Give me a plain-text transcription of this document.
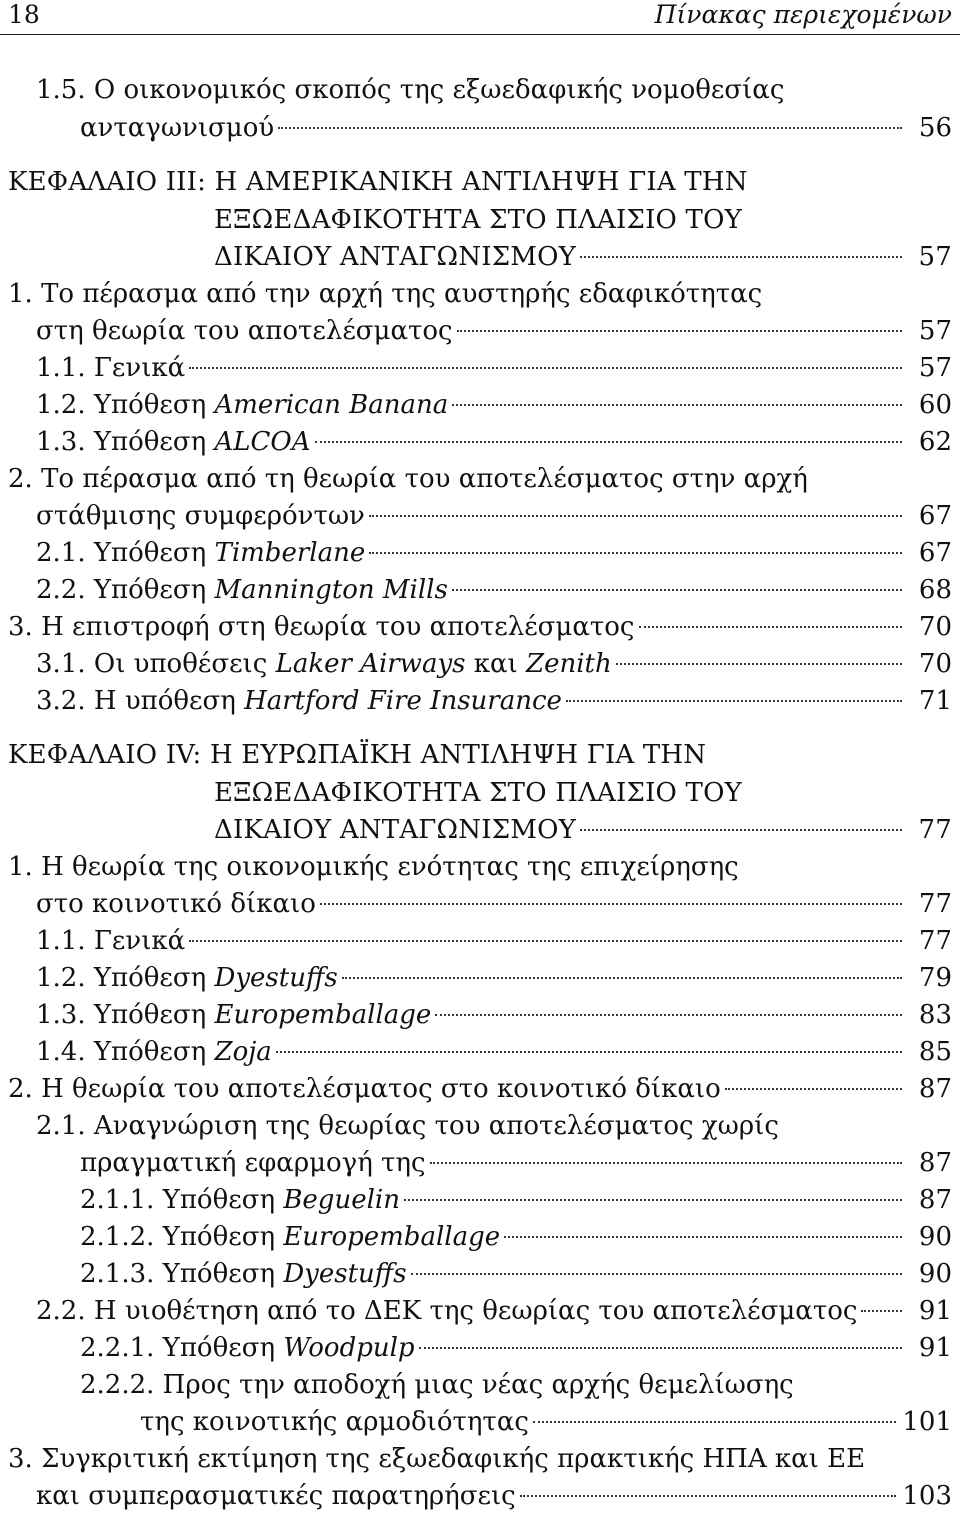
18	Πίνακας περιεχομένων
1.5. Ο οικονομικός σκοπός της εξωεδαφικής νομοθεσίας
ανταγωνισμού	56
ΚΕΦΑΛΑΙΟ ΙΙΙ: Η ΑΜΕΡΙΚΑΝΙΚΗ ΑΝΤΙΛΗΨΗ ΓΙΑ ΤΗΝ
ΕΞΩΕΔΑΦΙΚΟΤΗΤΑ ΣΤΟ ΠΛΑΙΣΙΟ ΤΟΥ
ΔΙΚΑΙΟΥ ΑΝΤΑΓΩΝΙΣΜΟΥ	57
1. Το πέρασμα από την αρχή της αυστηρής εδαφικότητας
στη θεωρία του αποτελέσματος	57
1.1. Γενικά	57
1.2. Υπόθεση American Banana	60
1.3. Υπόθεση ALCOA	62
2. Το πέρασμα από τη θεωρία του αποτελέσματος στην αρχή
στάθμισης συμφερόντων	67
2.1. Υπόθεση Timberlane	67
2.2. Υπόθεση Mannington Mills	68
3. Η επιστροφή στη θεωρία του αποτελέσματος	70
3.1. Οι υποθέσεις Laker Airways και Zenith	70
3.2. Η υπόθεση Hartford Fire Insurance	71
ΚΕΦΑΛΑΙΟ IV: Η ΕΥΡΩΠΑΪΚΗ ΑΝΤΙΛΗΨΗ ΓΙΑ ΤΗΝ
ΕΞΩΕΔΑΦΙΚΟΤΗΤΑ ΣΤΟ ΠΛΑΙΣΙΟ ΤΟΥ
ΔΙΚΑΙΟΥ ΑΝΤΑΓΩΝΙΣΜΟΥ	77
1. Η θεωρία της οικονομικής ενότητας της επιχείρησης
στο κοινοτικό δίκαιο	77
1.1. Γενικά	77
1.2. Υπόθεση Dyestuffs	79
1.3. Υπόθεση Europemballage	83
1.4. Υπόθεση Zoja	85
2. Η θεωρία του αποτελέσματος στο κοινοτικό δίκαιο	87
2.1. Αναγνώριση της θεωρίας του αποτελέσματος χωρίς
πραγματική εφαρμογή της	87
2.1.1. Υπόθεση Beguelin	87
2.1.2. Υπόθεση Europemballage	90
2.1.3. Υπόθεση Dyestuffs	90
2.2. Η υιοθέτηση από το ΔΕΚ της θεωρίας του αποτελέσματος	91
2.2.1. Υπόθεση Woodpulp	91
2.2.2. Προς την αποδοχή μιας νέας αρχής θεμελίωσης
της κοινοτικής αρμοδιότητας	101
3. Συγκριτική εκτίμηση της εξωεδαφικής πρακτικής ΗΠΑ και ΕΕ
και συμπερασματικές παρατηρήσεις	103
